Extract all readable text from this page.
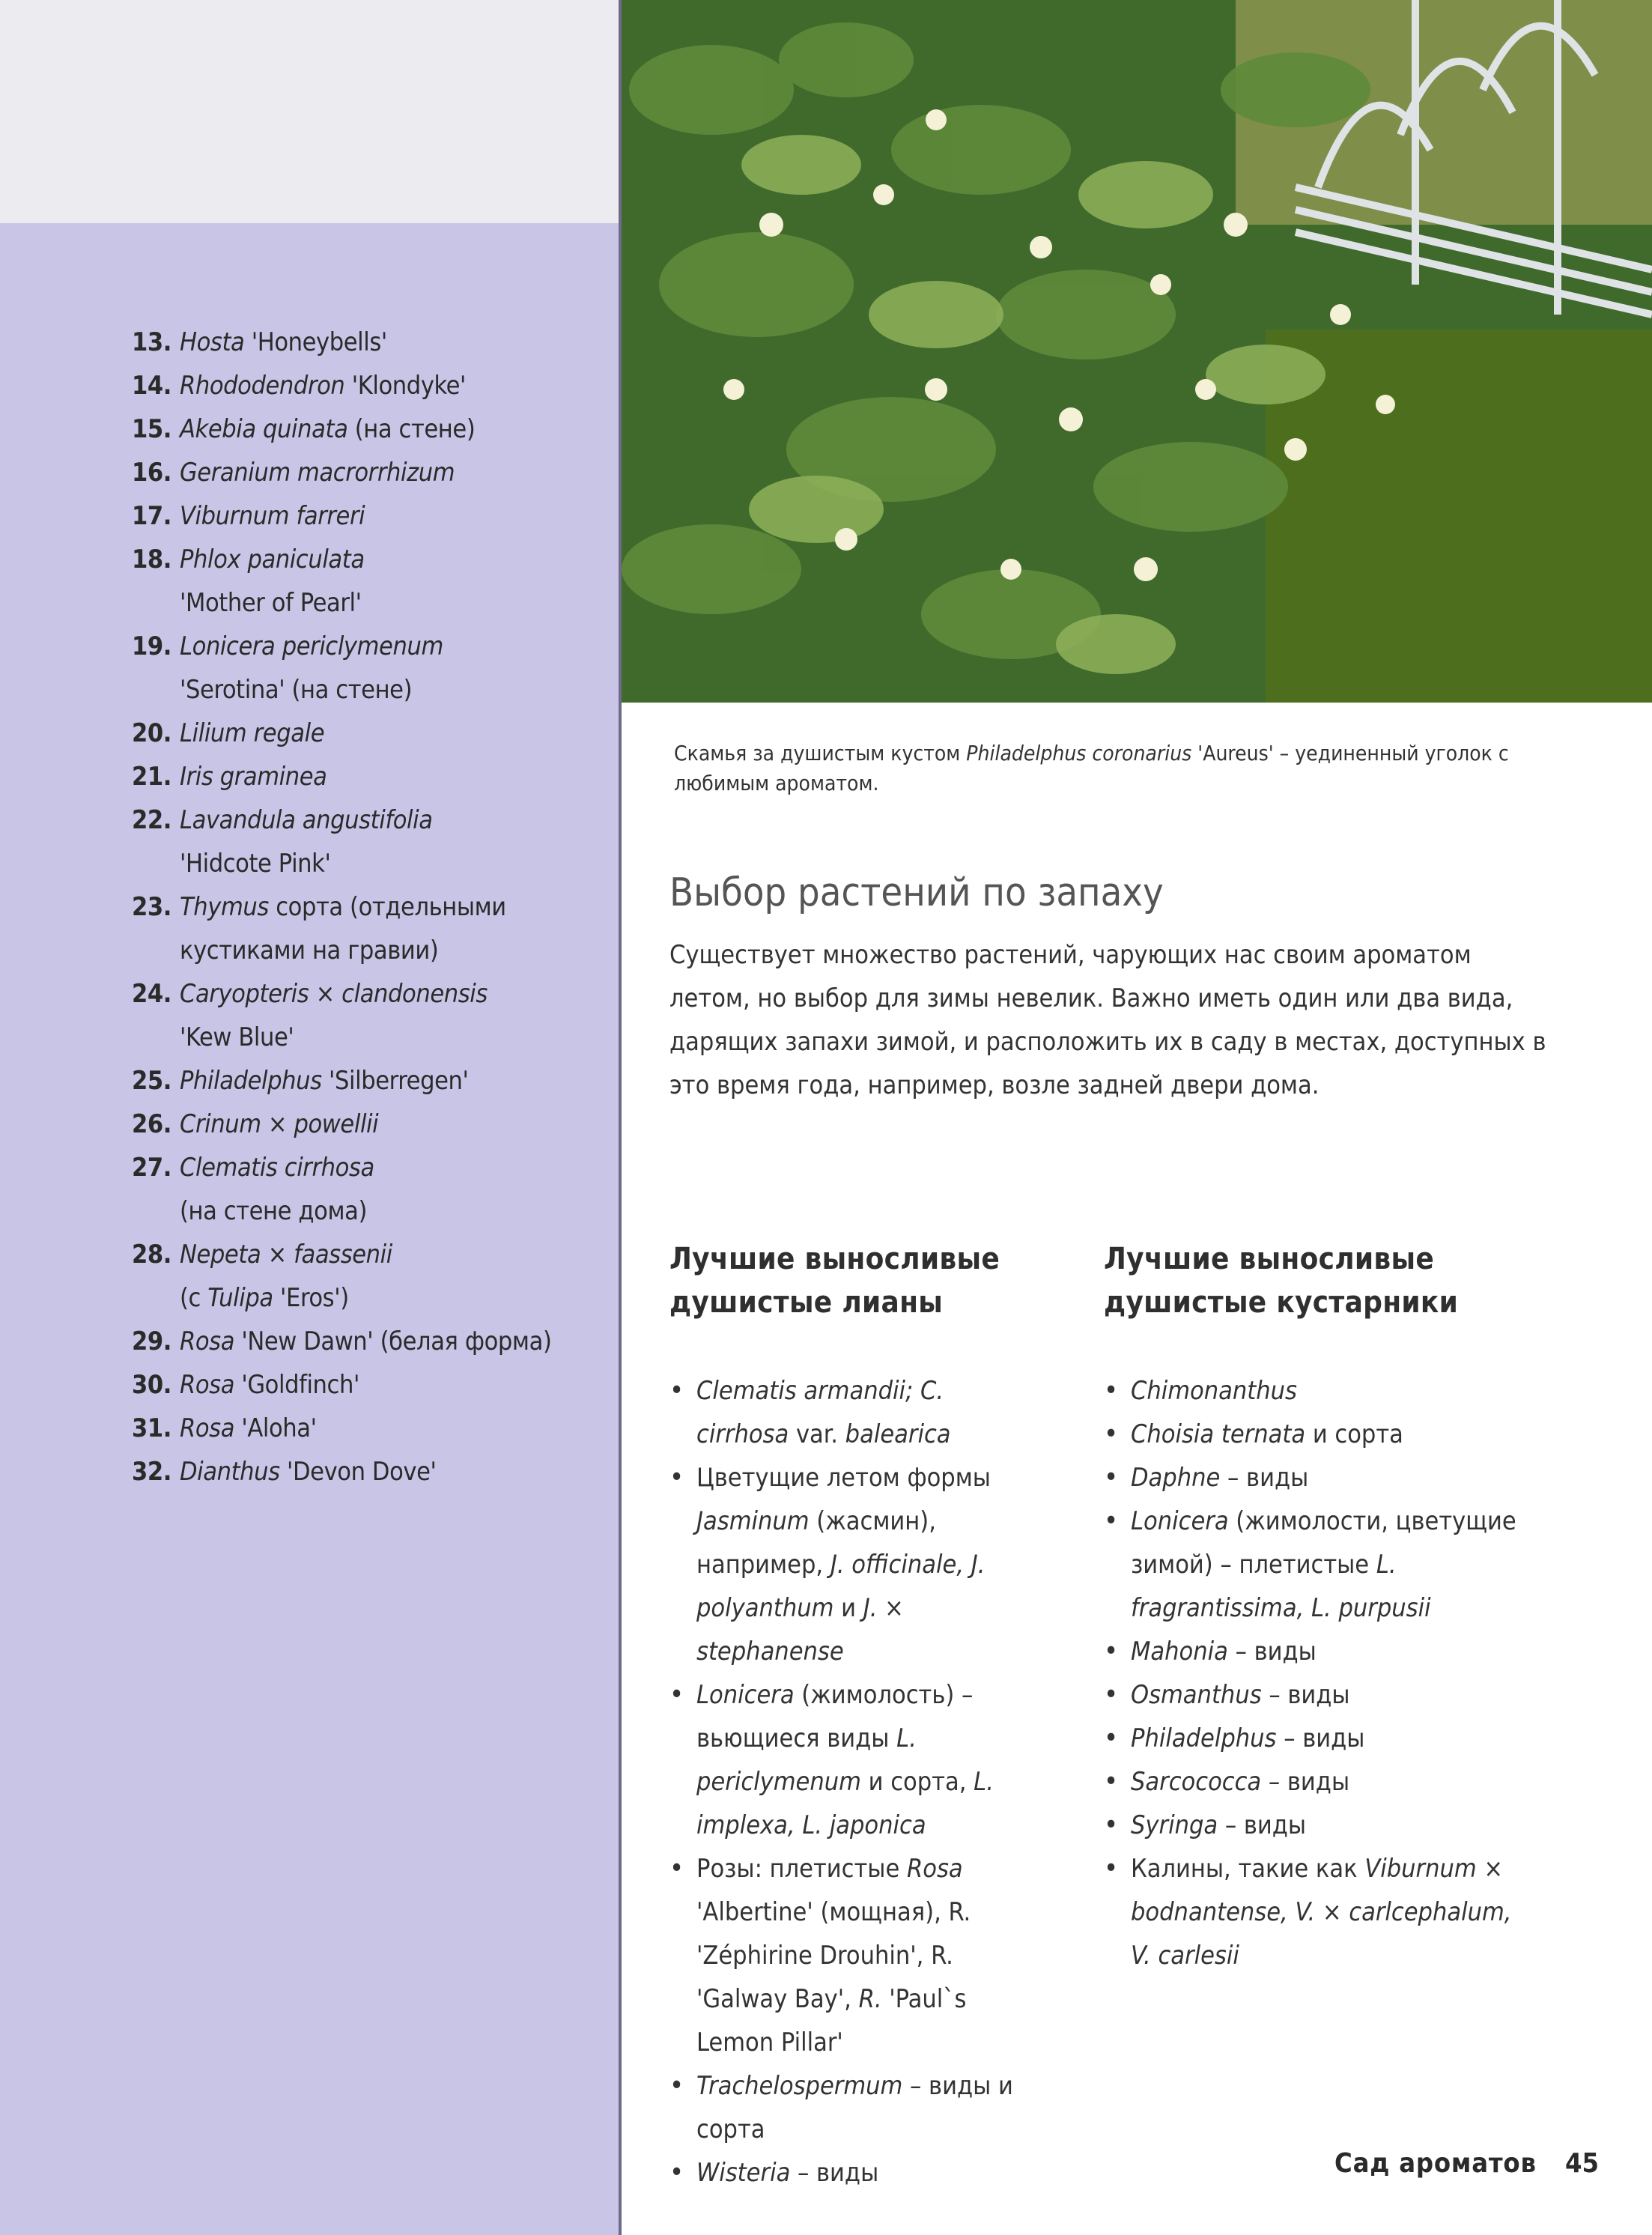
13. Hosta 'Honeybells'
14. Rhododendron 'Klondyke'
15. Akebia quinata (на стене)
16. Geranium macrorrhizum
17. Viburnum farreri
18. Phlox paniculata
'Mother of Pearl'
19. Lonicera periclymenum
'Serotina' (на стене)
20. Lilium regale
21. Iris graminea
22. Lavandula angustifolia
'Hidcote Pink'
23. Thymus сорта (отдельными
кустиками на гравии)
24. Caryopteris × clandonensis
'Kew Blue'
25. Philadelphus 'Silberregen'
26. Crinum × powellii
27. Clematis cirrhosa
(на стене дома)
28. Nepeta × faassenii
(с Tulipa 'Eros')
29. Rosa 'New Dawn' (белая форма)
30. Rosa 'Goldfinch'
31. Rosa 'Aloha'
32. Dianthus 'Devon Dove'
Скамья за душистым кустом Philadelphus coronarius 'Aureus' – уединенный уголок с любимым ароматом.
Выбор растений по запаху

Существует множество растений, чарующих нас своим ароматом летом, но выбор для зимы невелик. Важно иметь один или два вида, дарящих запахи зимой, и расположить их в саду в местах, доступных в это время года, например, возле задней двери дома.

Лучшие выносливые душистые лианы
• Clematis armandii; C. cirrhosa var. balearica
• Цветущие летом формы Jasminum (жасмин), например, J. officinale, J. polyanthum и J. × stephanense
• Lonicera (жимолость) – вьющиеся виды L. periclymenum и сорта, L. implexa, L. japonica
• Розы: плетистые Rosa 'Albertine' (мощная), R. 'Zéphirine Drouhin', R. 'Galway Bay', R. 'Paul`s Lemon Pillar'
• Trachelospermum – виды и сорта
• Wisteria – виды
Лучшие выносливые душистые кустарники
• Chimonanthus
• Choisia ternata и сорта
• Daphne – виды
• Lonicera (жимолости, цветущие зимой) – плетистые L. fragrantissima, L. purpusii
• Mahonia – виды
• Osmanthus – виды
• Philadelphus – виды
• Sarcococca – виды
• Syringa – виды
• Калины, такие как Viburnum × bodnantense, V. × carlcephalum, V. carlesii

Сад ароматов 45
